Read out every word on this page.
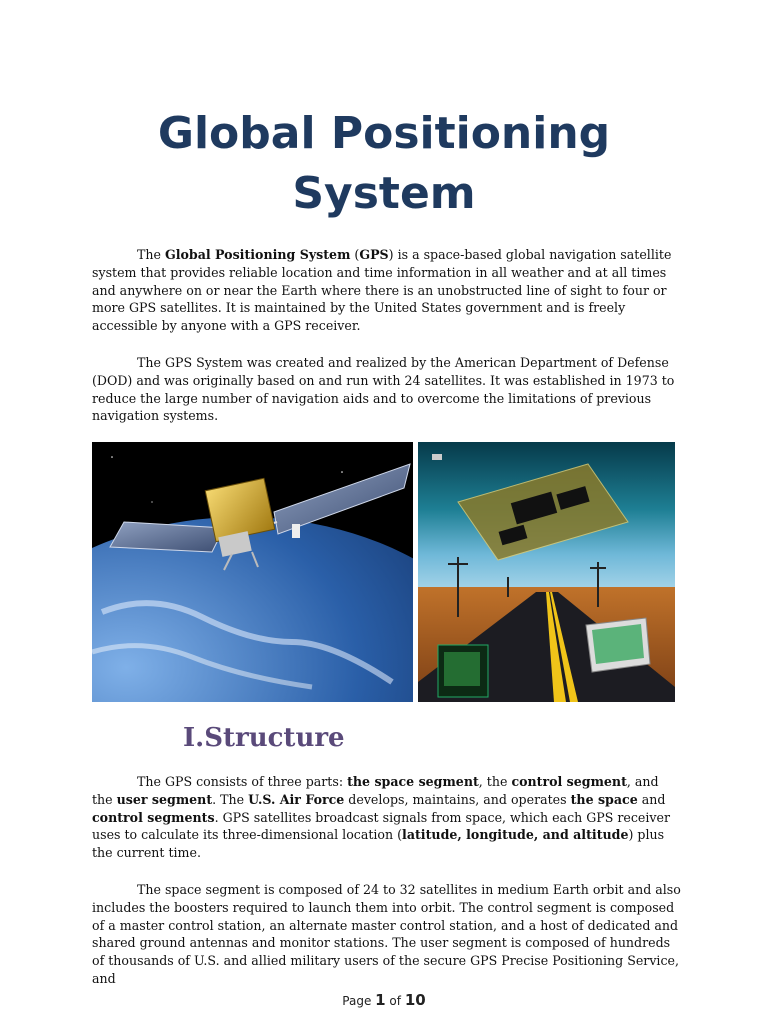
Global Positioning
System
The Global Positioning System (GPS) is a space-based global navigation satellite system that provides reliable location and time information in all weather and at all times and anywhere on or near the Earth where there is an unobstructed line of sight to four or more GPS satellites. It is maintained by the United States government and is freely accessible by anyone with a GPS receiver.
The GPS System was created and realized by the American Department of Defense (DOD) and was originally based on and run with 24 satellites. It was established in 1973 to reduce the large number of navigation aids and to overcome the limitations of previous navigation systems.
I.Structure
The GPS consists of three parts: the space segment, the control segment, and the user segment. The U.S. Air Force develops, maintains, and operates the space and control segments. GPS satellites broadcast signals from space, which each GPS receiver uses to calculate its three-dimensional location (latitude, longitude, and altitude) plus the current time.
The space segment is composed of 24 to 32 satellites in medium Earth orbit and also includes the boosters required to launch them into orbit. The control segment is composed of a master control station, an alternate master control station, and a host of dedicated and shared ground antennas and monitor stations. The user segment is composed of hundreds of thousands of U.S. and allied military users of the secure GPS Precise Positioning Service, and
Page 1 of 10
